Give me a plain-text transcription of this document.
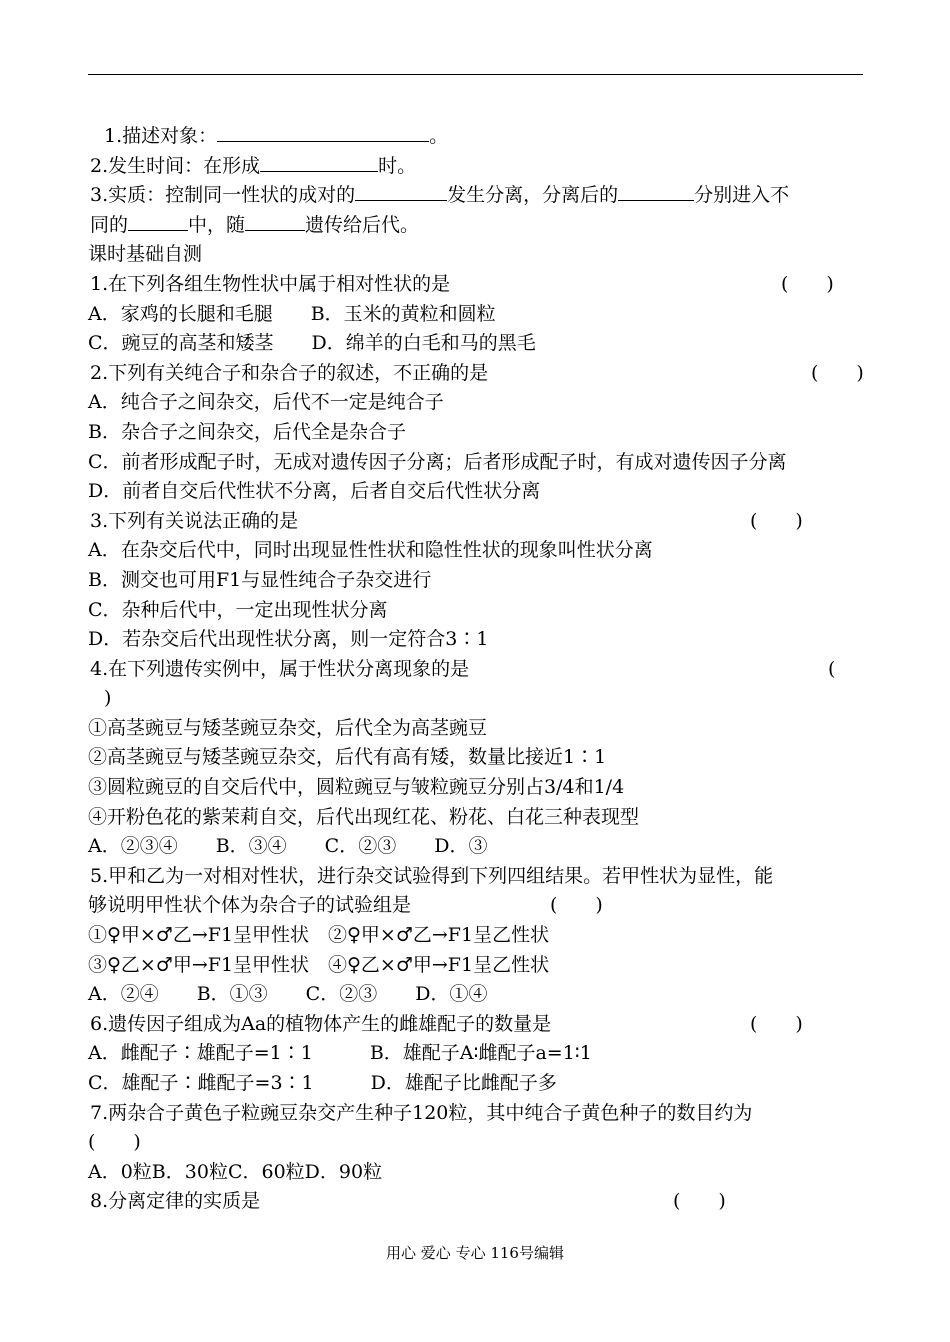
1.描述对象：	。
2.发生时间：在形成	时。
3.实质：控制同一性状的成对的	发生分离，分离后的	分别进入不
同的	中，随	遗传给后代。
课时基础自测
1.在下列各组生物性状中属于相对性状的是	(　　)
A．家鸡的长腿和毛腿　　B．玉米的黄粒和圆粒
C．豌豆的高茎和矮茎　　D．绵羊的白毛和马的黑毛
2.下列有关纯合子和杂合子的叙述，不正确的是	(　　)
A．纯合子之间杂交，后代不一定是纯合子
B．杂合子之间杂交，后代全是杂合子
C．前者形成配子时，无成对遗传因子分离；后者形成配子时，有成对遗传因子分离
D．前者自交后代性状不分离，后者自交后代性状分离
3.下列有关说法正确的是	(　　)
A．在杂交后代中，同时出现显性性状和隐性性状的现象叫性状分离
B．测交也可用F1与显性纯合子杂交进行
C．杂种后代中，一定出现性状分离
D．若杂交后代出现性状分离，则一定符合3∶1
4.在下列遗传实例中，属于性状分离现象的是	(
)
①高茎豌豆与矮茎豌豆杂交，后代全为高茎豌豆
②高茎豌豆与矮茎豌豆杂交，后代有高有矮，数量比接近1∶1
③圆粒豌豆的自交后代中，圆粒豌豆与皱粒豌豆分别占3/4和1/4
④开粉色花的紫茉莉自交，后代出现红花、粉花、白花三种表现型
A．②③④　　B．③④　　C．②③　　D．③
5.甲和乙为一对相对性状，进行杂交试验得到下列四组结果。若甲性状为显性，能
够说明甲性状个体为杂合子的试验组是	(　　)
①♀甲×♂乙→F1呈甲性状　②♀甲×♂乙→F1呈乙性状
③♀乙×♂甲→F1呈甲性状　④♀乙×♂甲→F1呈乙性状
A．②④　　B．①③　　C．②③　　D．①④
6.遗传因子组成为Aa的植物体产生的雌雄配子的数量是	(　　)
A．雌配子∶雄配子=1∶1　　　B．雄配子A∶雌配子a=1∶1
C．雄配子∶雌配子=3∶1　　　D．雄配子比雌配子多
7.两杂合子黄色子粒豌豆杂交产生种子120粒，其中纯合子黄色种子的数目约为
(　　)
A．0粒B．30粒C．60粒D．90粒
8.分离定律的实质是	(　　)
用心 爱心 专心 116号编辑
